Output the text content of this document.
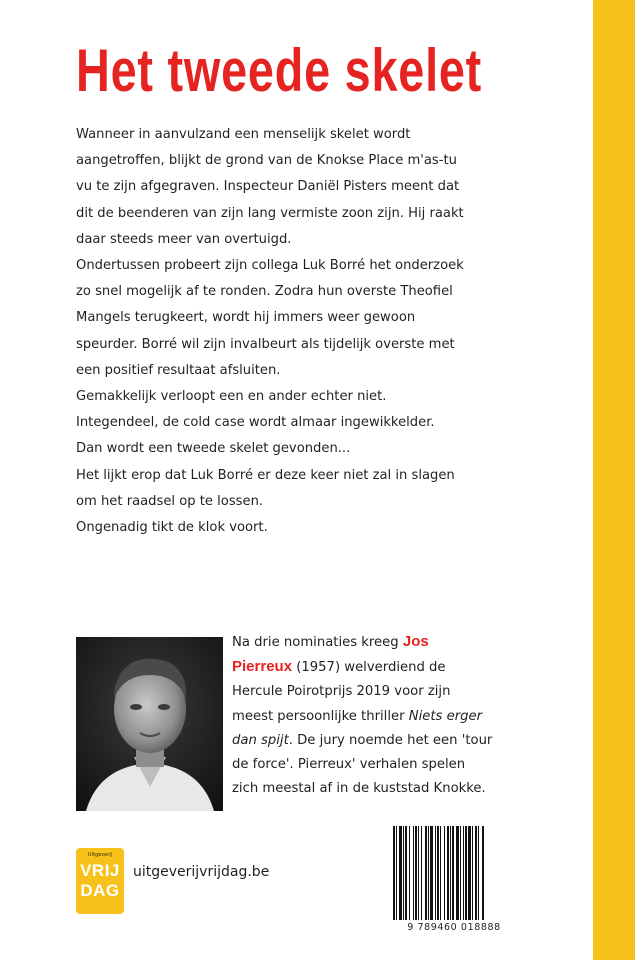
Het tweede skelet
Wanneer in aanvulzand een menselijk skelet wordt
aangetroffen, blijkt de grond van de Knokse Place m'as-tu
vu te zijn afgegraven. Inspecteur Daniël Pisters meent dat
dit de beenderen van zijn lang vermiste zoon zijn. Hij raakt
daar steeds meer van overtuigd.
Ondertussen probeert zijn collega Luk Borré het onderzoek
zo snel mogelijk af te ronden. Zodra hun overste Theofiel
Mangels terugkeert, wordt hij immers weer gewoon
speurder. Borré wil zijn invalbeurt als tijdelijk overste met
een positief resultaat afsluiten.
Gemakkelijk verloopt een en ander echter niet.
Integendeel, de cold case wordt almaar ingewikkelder.
Dan wordt een tweede skelet gevonden...
Het lijkt erop dat Luk Borré er deze keer niet zal in slagen
om het raadsel op te lossen.
Ongenadig tikt de klok voort.
Na drie nominaties kreeg Jos
Pierreux (1957) welverdiend de
Hercule Poirotprijs 2019 voor zijn
meest persoonlijke thriller Niets erger
dan spijt. De jury noemde het een 'tour
de force'. Pierreux' verhalen spelen
zich meestal af in de kuststad Knokke.
Uitgeverij
VRIJ
DAG
uitgeverijvrijdag.be
9 789460 018888
